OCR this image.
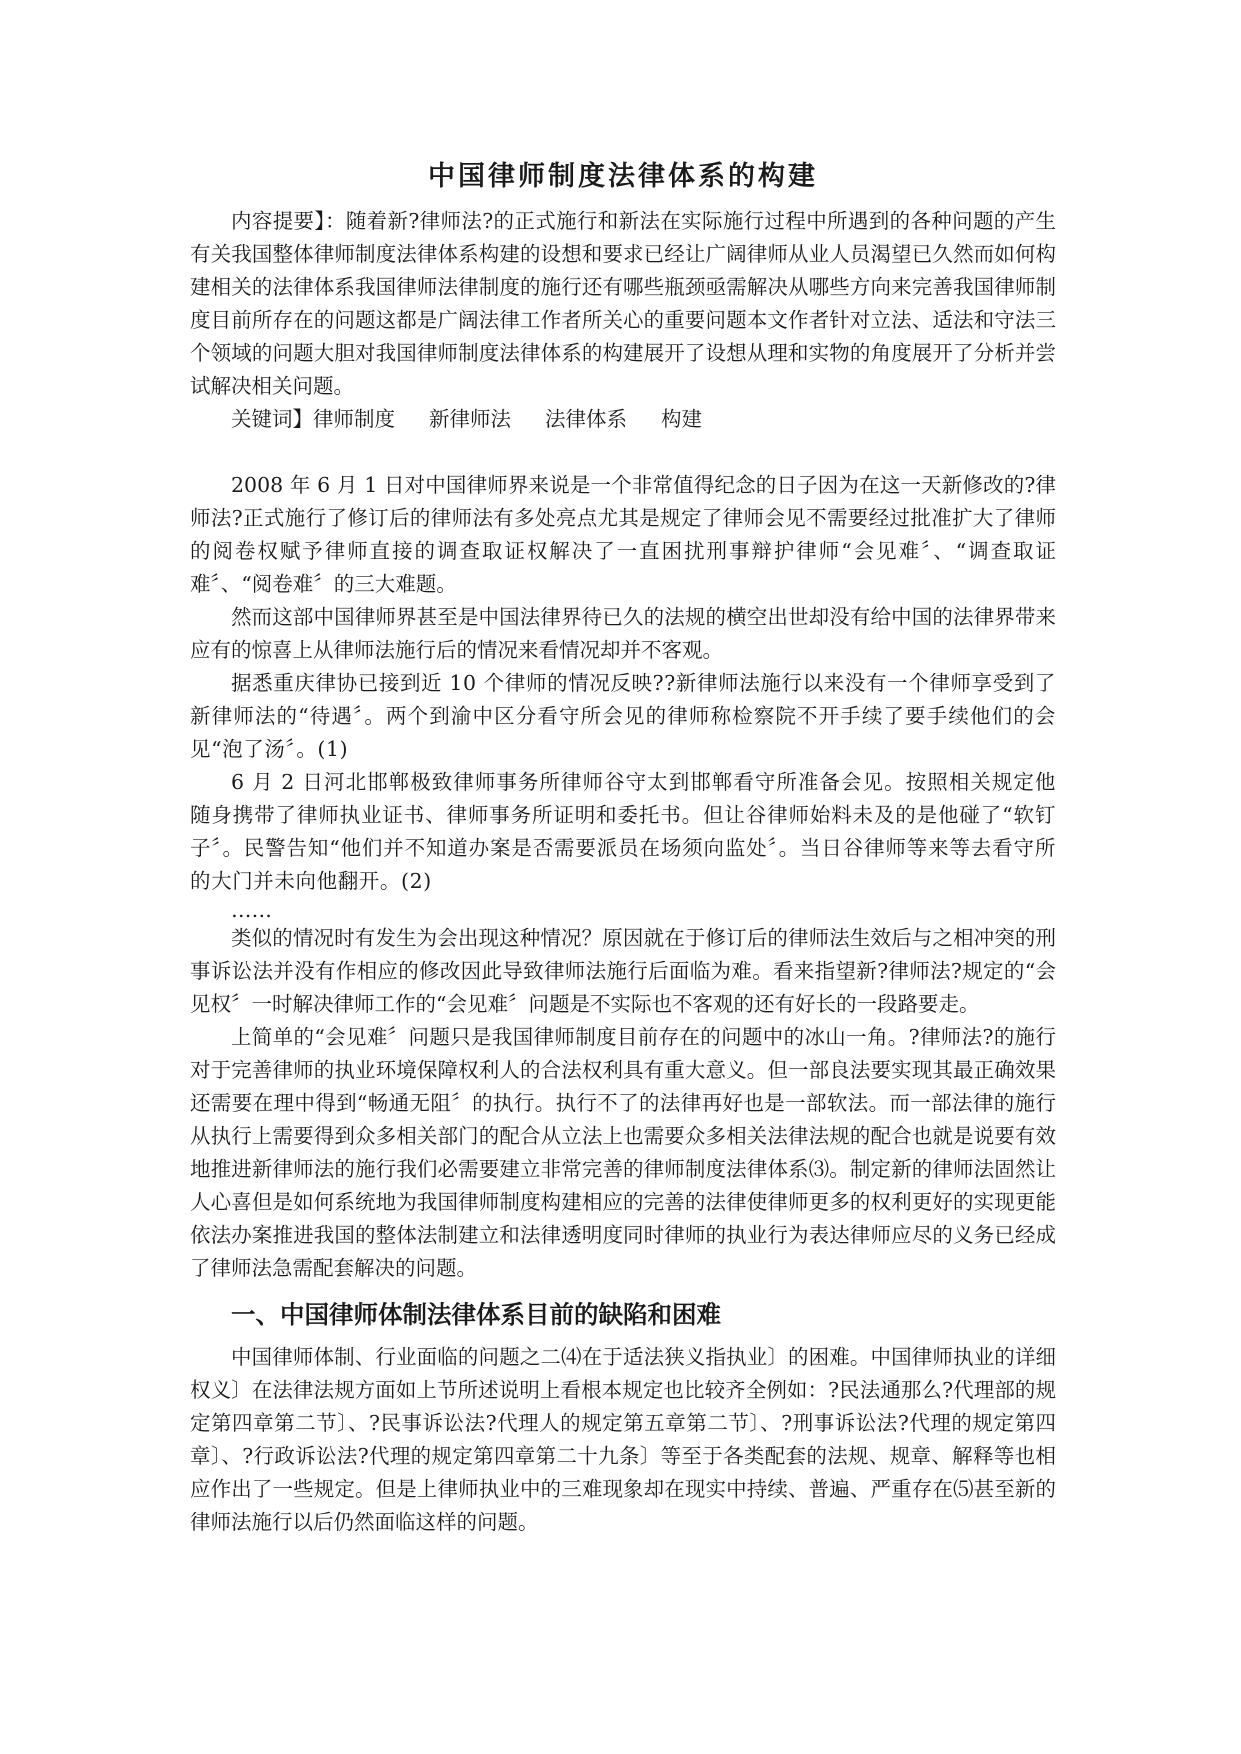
中国律师制度法律体系的构建

内容提要】：随着新?律师法?的正式施行和新法在实际施行过程中所遇到的各种问题的产生有关我国整体律师制度法律体系构建的设想和要求已经让广阔律师从业人员渴望已久然而如何构建相关的法律体系我国律师法律制度的施行还有哪些瓶颈亟需解决从哪些方向来完善我国律师制度目前所存在的问题这都是广阔法律工作者所关心的重要问题本文作者针对立法、适法和守法三个领域的问题大胆对我国律师制度法律体系的构建展开了设想从理和实物的角度展开了分析并尝试解决相关问题。

关键词】律师制度 新律师法 法律体系 构建

2008 年 6 月 1 日对中国律师界来说是一个非常值得纪念的日子因为在这一天新修改的?律师法?正式施行了修订后的律师法有多处亮点尤其是规定了律师会见不需要经过批准扩大了律师的阅卷权赋予律师直接的调查取证权解决了一直困扰刑事辩护律师“会见难〞、“调查取证难〞、“阅卷难〞的三大难题。

然而这部中国律师界甚至是中国法律界待已久的法规的横空出世却没有给中国的法律界带来应有的惊喜上从律师法施行后的情况来看情况却并不客观。

据悉重庆律协已接到近 10 个律师的情况反映??新律师法施行以来没有一个律师享受到了新律师法的“待遇〞。两个到渝中区分看守所会见的律师称检察院不开手续了要手续他们的会见“泡了汤〞。(1)

6 月 2 日河北邯郸极致律师事务所律师谷守太到邯郸看守所准备会见。按照相关规定他随身携带了律师执业证书、律师事务所证明和委托书。但让谷律师始料未及的是他碰了“软钉子〞。民警告知“他们并不知道办案是否需要派员在场须向监处〞。当日谷律师等来等去看守所的大门并未向他翻开。(2)

……

类似的情况时有发生为会出现这种情况？原因就在于修订后的律师法生效后与之相冲突的刑事诉讼法并没有作相应的修改因此导致律师法施行后面临为难。看来指望新?律师法?规定的“会见权〞一时解决律师工作的“会见难〞问题是不实际也不客观的还有好长的一段路要走。

上简单的“会见难〞问题只是我国律师制度目前存在的问题中的冰山一角。?律师法?的施行对于完善律师的执业环境保障权利人的合法权利具有重大意义。但一部良法要实现其最正确效果还需要在理中得到“畅通无阻〞的执行。执行不了的法律再好也是一部软法。而一部法律的施行从执行上需要得到众多相关部门的配合从立法上也需要众多相关法律法规的配合也就是说要有效地推进新律师法的施行我们必需要建立非常完善的律师制度法律体系⑶。制定新的律师法固然让人心喜但是如何系统地为我国律师制度构建相应的完善的法律使律师更多的权利更好的实现更能依法办案推进我国的整体法制建立和法律透明度同时律师的执业行为表达律师应尽的义务已经成了律师法急需配套解决的问题。

一、中国律师体制法律体系目前的缺陷和困难

中国律师体制、行业面临的问题之二⑷在于适法狭义指执业〕的困难。中国律师执业的详细权义〕在法律法规方面如上节所述说明上看根本规定也比较齐全例如：?民法通那么?代理部的规定第四章第二节〕、?民事诉讼法?代理人的规定第五章第二节〕、?刑事诉讼法?代理的规定第四章〕、?行政诉讼法?代理的规定第四章第二十九条〕等至于各类配套的法规、规章、解释等也相应作出了一些规定。但是上律师执业中的三难现象却在现实中持续、普遍、严重存在⑸甚至新的律师法施行以后仍然面临这样的问题。
